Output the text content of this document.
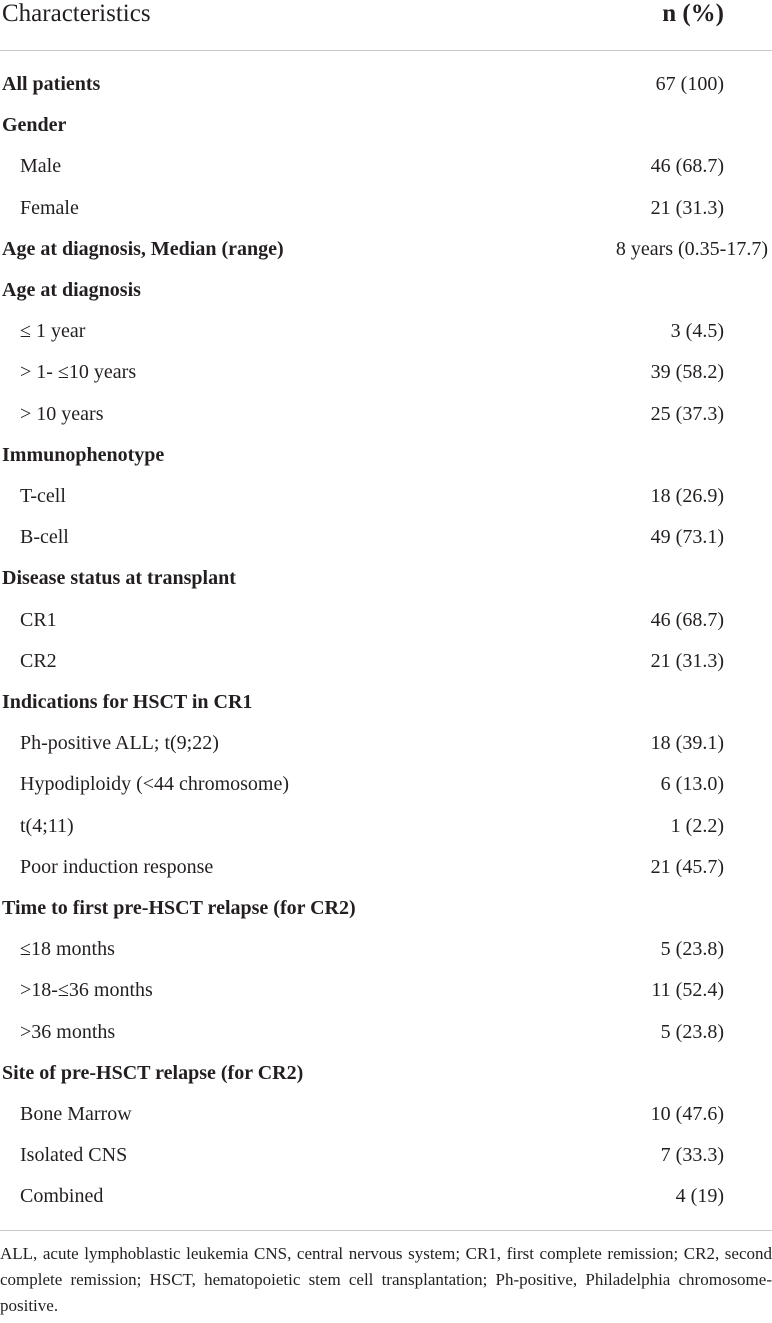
Characteristics	n (%)
All patients	67 (100)
Gender
Male	46 (68.7)
Female	21 (31.3)
Age at diagnosis, Median (range)	8 years (0.35-17.7)
Age at diagnosis
≤ 1 year	3 (4.5)
> 1- ≤10 years	39 (58.2)
> 10 years	25 (37.3)
Immunophenotype
T-cell	18 (26.9)
B-cell	49 (73.1)
Disease status at transplant
CR1	46 (68.7)
CR2	21 (31.3)
Indications for HSCT in CR1
Ph-positive ALL; t(9;22)	18 (39.1)
Hypodiploidy (<44 chromosome)	6 (13.0)
t(4;11)	1 (2.2)
Poor induction response	21 (45.7)
Time to first pre-HSCT relapse (for CR2)
≤18 months	5 (23.8)
>18-≤36 months	11 (52.4)
>36 months	5 (23.8)
Site of pre-HSCT relapse (for CR2)
Bone Marrow	10 (47.6)
Isolated CNS	7 (33.3)
Combined	4 (19)
ALL, acute lymphoblastic leukemia CNS, central nervous system; CR1, first complete remission; CR2, second complete remission; HSCT, hematopoietic stem cell transplantation; Ph-positive, Philadelphia chromosome-positive.
